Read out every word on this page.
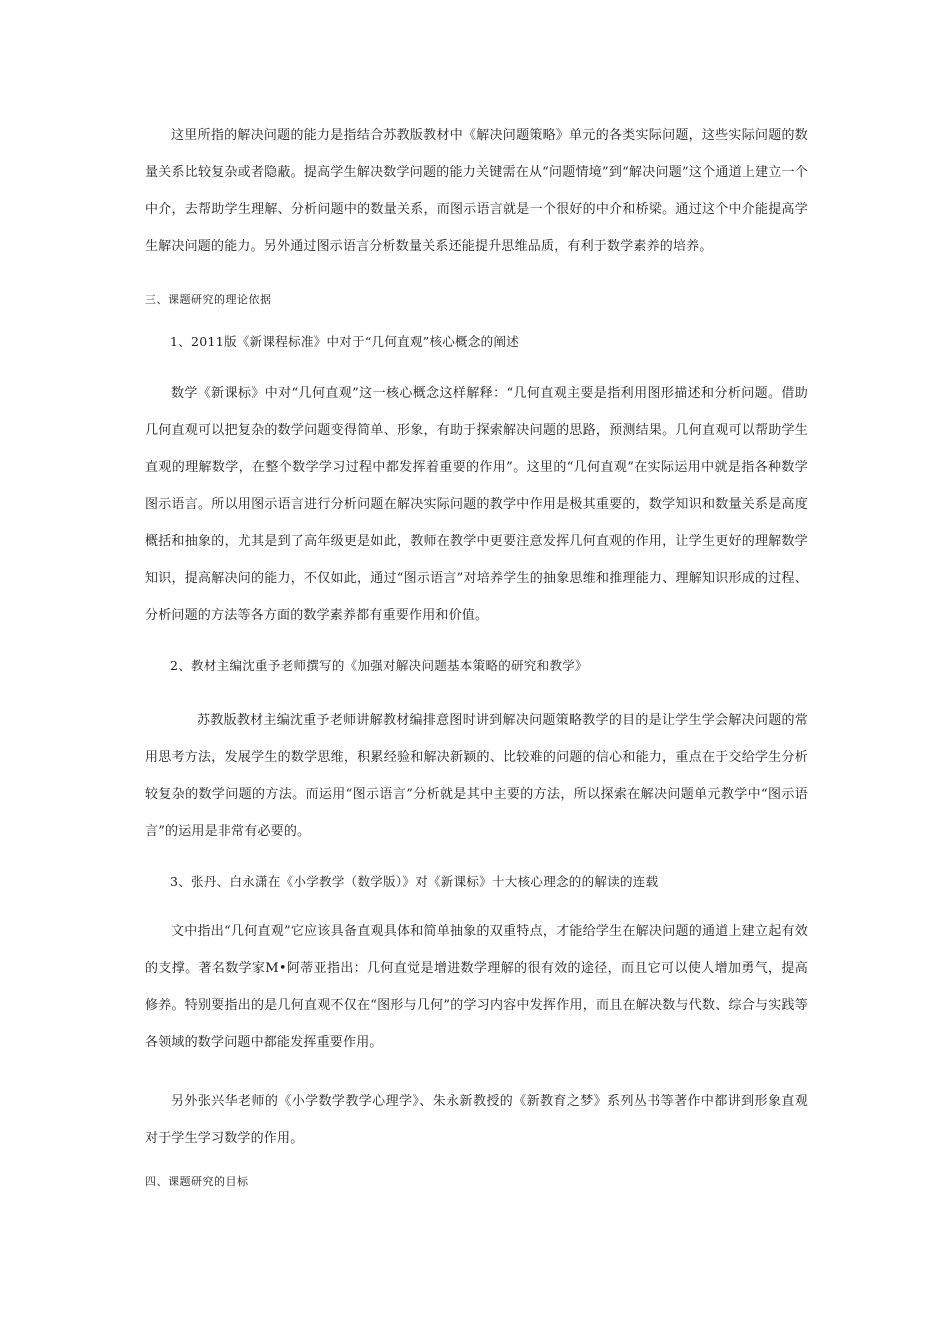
这里所指的解决问题的能力是指结合苏教版教材中《解决问题策略》单元的各类实际问题，这些实际问题的数量关系比较复杂或者隐蔽。提高学生解决数学问题的能力关键需在从“问题情境”到“解决问题”这个通道上建立一个中介，去帮助学生理解、分析问题中的数量关系，而图示语言就是一个很好的中介和桥梁。通过这个中介能提高学生解决问题的能力。另外通过图示语言分析数量关系还能提升思维品质，有利于数学素养的培养。

三、课题研究的理论依据

1、2011版《新课程标准》中对于“几何直观”核心概念的阐述

数学《新课标》中对“几何直观”这一核心概念这样解释：“几何直观主要是指利用图形描述和分析问题。借助几何直观可以把复杂的数学问题变得简单、形象，有助于探索解决问题的思路，预测结果。几何直观可以帮助学生直观的理解数学，在整个数学学习过程中都发挥着重要的作用”。这里的“几何直观”在实际运用中就是指各种数学图示语言。所以用图示语言进行分析问题在解决实际问题的教学中作用是极其重要的，数学知识和数量关系是高度概括和抽象的，尤其是到了高年级更是如此，教师在教学中更要注意发挥几何直观的作用，让学生更好的理解数学知识，提高解决问的能力，不仅如此，通过“图示语言”对培养学生的抽象思维和推理能力、理解知识形成的过程、分析问题的方法等各方面的数学素养都有重要作用和价值。

2、教材主编沈重予老师撰写的《加强对解决问题基本策略的研究和教学》

苏教版教材主编沈重予老师讲解教材编排意图时讲到解决问题策略教学的目的是让学生学会解决问题的常用思考方法，发展学生的数学思维，积累经验和解决新颖的、比较难的问题的信心和能力，重点在于交给学生分析较复杂的数学问题的方法。而运用“图示语言”分析就是其中主要的方法，所以探索在解决问题单元教学中“图示语言”的运用是非常有必要的。

3、张丹、白永潇在《小学教学（数学版）》对《新课标》十大核心理念的的解读的连载

文中指出“几何直观”它应该具备直观具体和简单抽象的双重特点，才能给学生在解决问题的通道上建立起有效的支撑。著名数学家M•阿蒂亚指出：几何直觉是增进数学理解的很有效的途径，而且它可以使人增加勇气，提高修养。特别要指出的是几何直观不仅在“图形与几何”的学习内容中发挥作用，而且在解决数与代数、综合与实践等各领域的数学问题中都能发挥重要作用。

另外张兴华老师的《小学数学教学心理学》、朱永新教授的《新教育之梦》系列丛书等著作中都讲到形象直观对于学生学习数学的作用。

四、课题研究的目标
